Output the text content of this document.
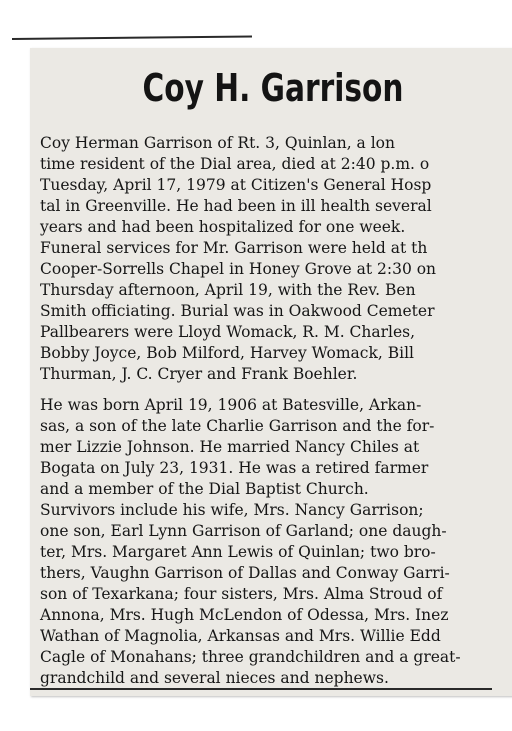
Coy H. Garrison
Coy Herman Garrison of Rt. 3, Quinlan, a lon
time resident of the Dial area, died at 2:40 p.m. o
Tuesday, April 17, 1979 at Citizen's General Hosp
tal in Greenville. He had been in ill health several
years and had been hospitalized for one week.
Funeral services for Mr. Garrison were held at th
Cooper-Sorrells Chapel in Honey Grove at 2:30 on
Thursday afternoon, April 19, with the Rev. Ben
Smith officiating. Burial was in Oakwood Cemeter
Pallbearers were Lloyd Womack, R. M. Charles,
Bobby Joyce, Bob Milford, Harvey Womack, Bill
Thurman, J. C. Cryer and Frank Boehler.
He was born April 19, 1906 at Batesville, Arkan-
sas, a son of the late Charlie Garrison and the for-
mer Lizzie Johnson. He married Nancy Chiles at
Bogata on July 23, 1931. He was a retired farmer
and a member of the Dial Baptist Church.
Survivors include his wife, Mrs. Nancy Garrison;
one son, Earl Lynn Garrison of Garland; one daugh-
ter, Mrs. Margaret Ann Lewis of Quinlan; two bro-
thers, Vaughn Garrison of Dallas and Conway Garri-
son of Texarkana; four sisters, Mrs. Alma Stroud of
Annona, Mrs. Hugh McLendon of Odessa, Mrs. Inez
Wathan of Magnolia, Arkansas and Mrs. Willie Edd
Cagle of Monahans; three grandchildren and a great-
grandchild and several nieces and nephews.
